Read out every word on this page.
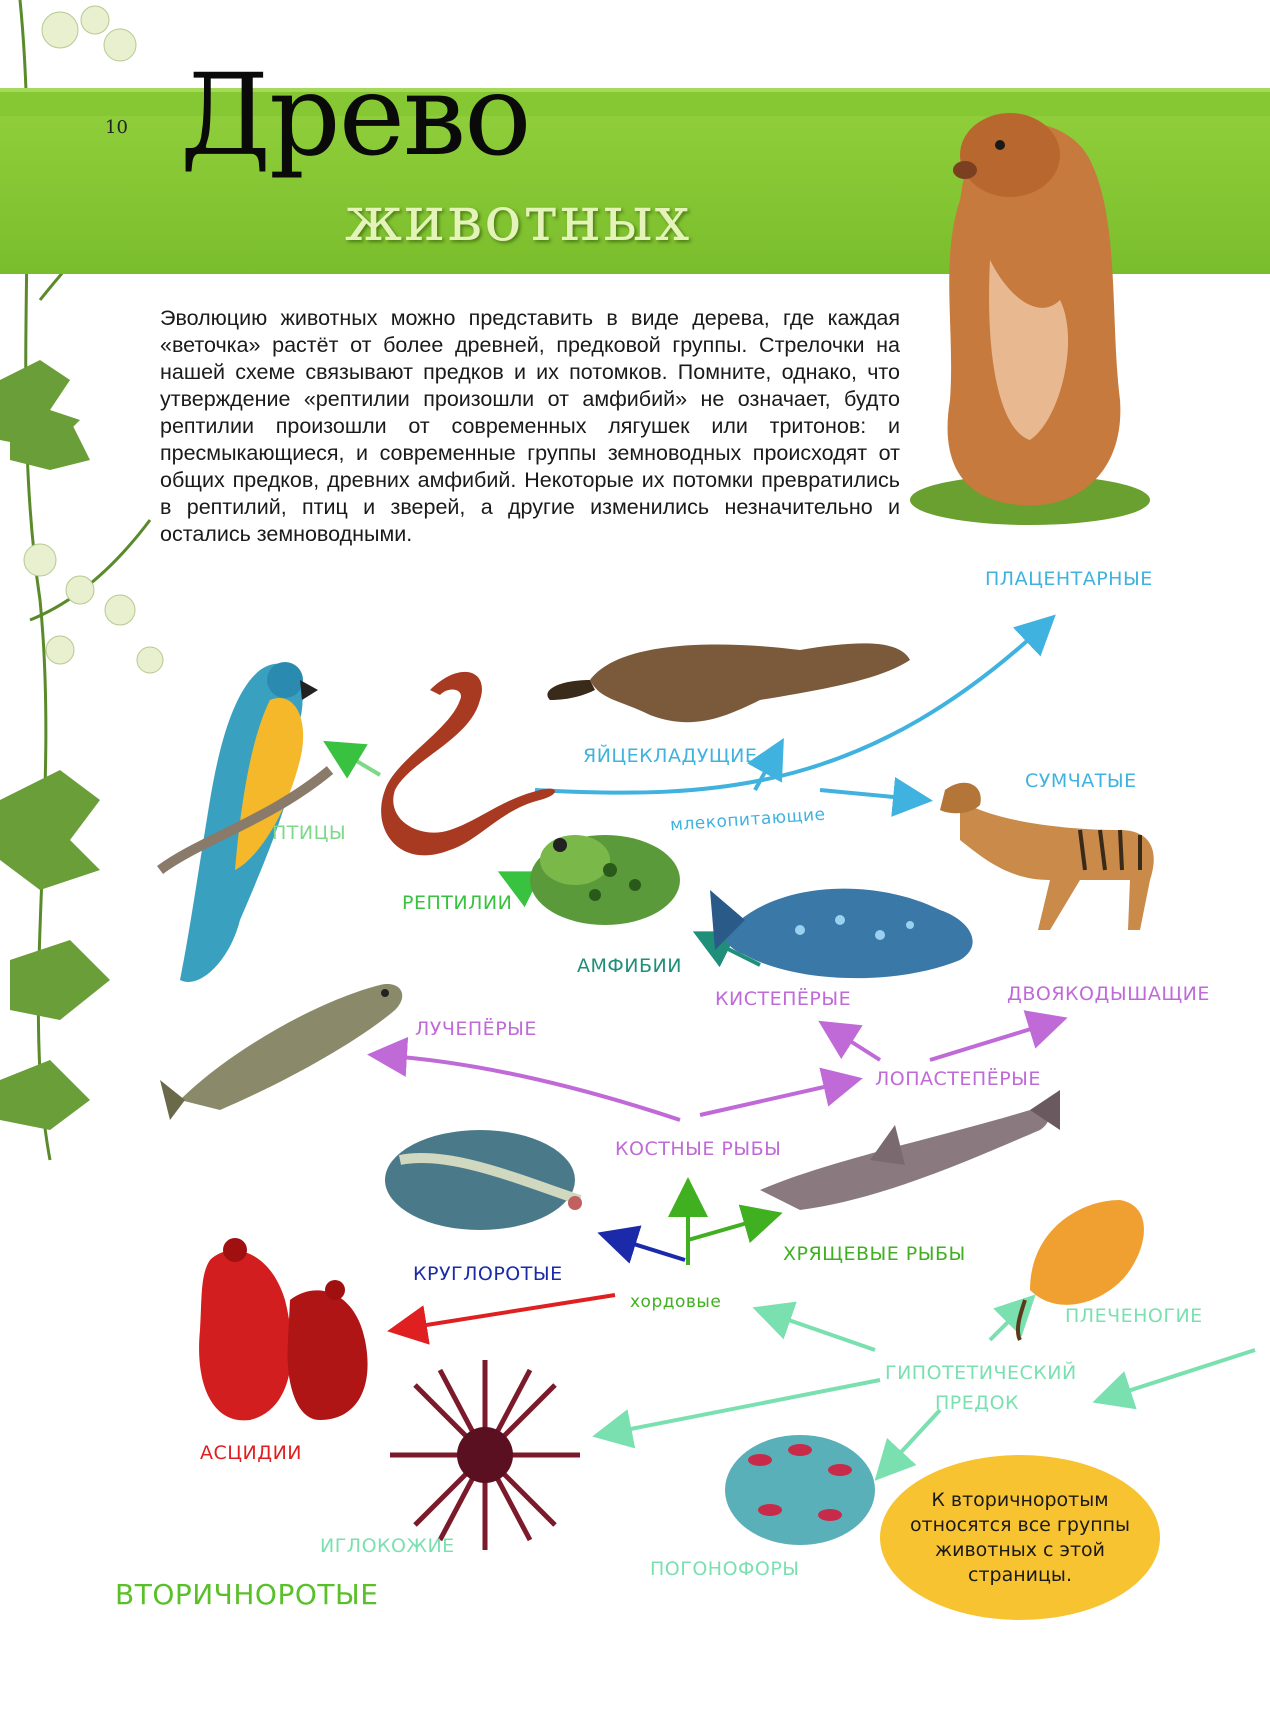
10 Древо
животных
Эволюцию животных можно представить в виде дерева, где каждая «веточка» растёт от более древней, предковой группы. Стрелочки на нашей схеме связывают предков и их потомков. Помните, однако, что утверждение «рептилии произошли от амфибий» не означает, будто рептилии произошли от современных лягушек или тритонов: и пресмыкающиеся, и современные группы земноводных происходят от общих предков, древних амфибий. Некоторые их потомки превратились в рептилий, птиц и зверей, а другие изменились незначительно и остались земноводными.
ПЛАЦЕНТАРНЫЕ
ЯЙЦЕКЛАДУЩИЕ
СУМЧАТЫЕ
млекопитающие
ПТИЦЫ
РЕПТИЛИИ
АМФИБИИ
КИСТЕПЁРЫЕ	ДВОЯКОДЫШАЩИЕ
ЛУЧЕПЁРЫЕ
ЛОПАСТЕПЁРЫЕ
КОСТНЫЕ РЫБЫ
КРУГЛОРОТЫЕ
ХРЯЩЕВЫЕ РЫБЫ
хордовые
ПЛЕЧЕНОГИЕ
ГИПОТЕТИЧЕСКИЙ
ПРЕДОК
АСЦИДИИ
ИГЛОКОЖИЕ
ПОГОНОФОРЫ
ВТОРИЧНОРОТЫЕ
К вторичноротым относятся все группы животных с этой страницы.
